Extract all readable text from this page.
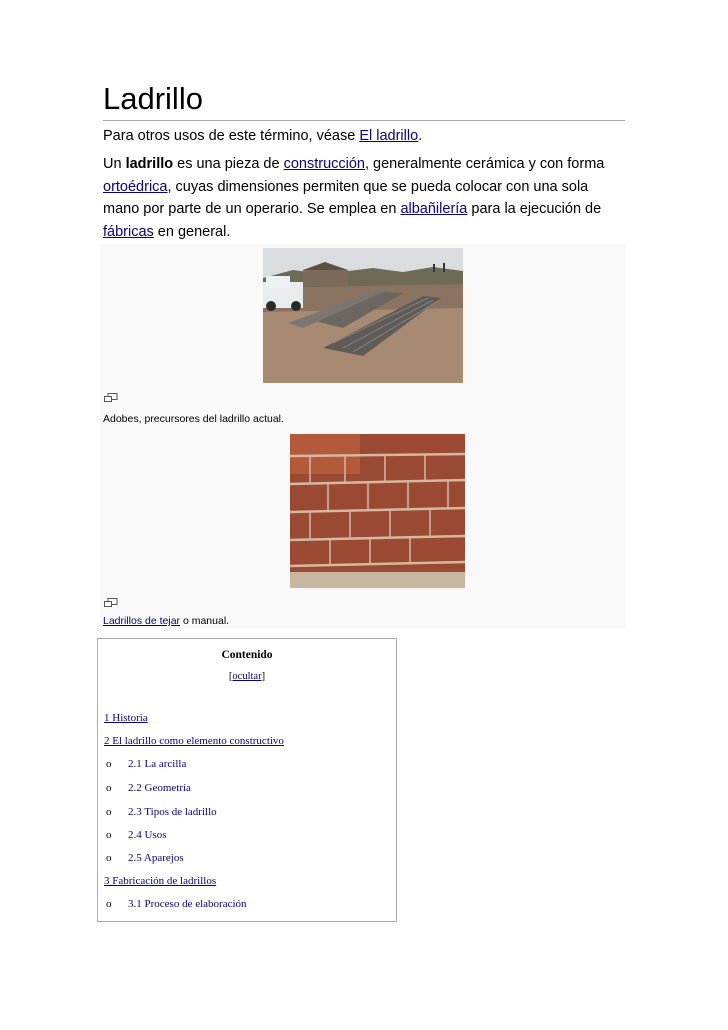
Ladrillo
Para otros usos de este término, véase El ladrillo.

Un ladrillo es una pieza de construcción, generalmente cerámica y con forma ortoédrica, cuyas dimensiones permiten que se pueda colocar con una sola mano por parte de un operario. Se emplea en albañilería para la ejecución de fábricas en general.

Adobes, precursores del ladrillo actual.
Ladrillos de tejar o manual.
Contenido
[ocultar]
1 Historia
2 El ladrillo como elemento constructivo
o 2.1 La arcilla
o 2.2 Geometría
o 2.3 Tipos de ladrillo
o 2.4 Usos
o 2.5 Aparejos
3 Fabricación de ladrillos
o 3.1 Proceso de elaboración
